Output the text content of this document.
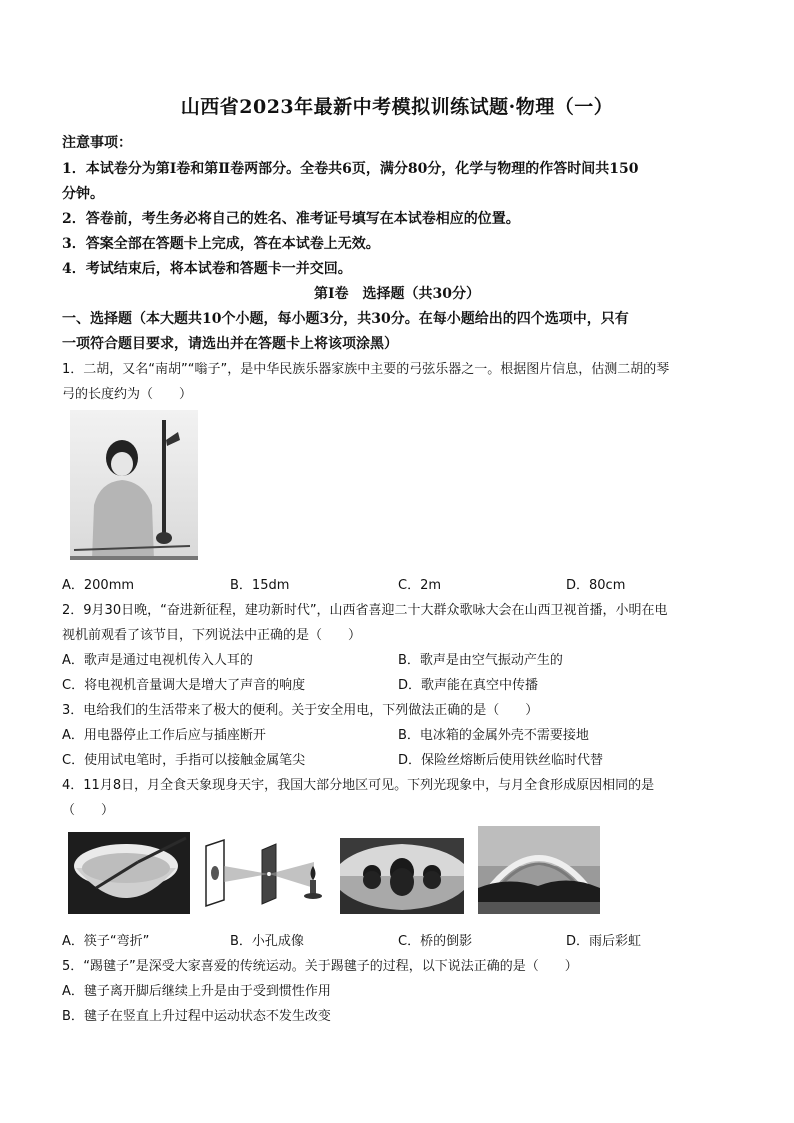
山西省2023年最新中考模拟训练试题·物理（一）
注意事项：
1．本试卷分为第Ⅰ卷和第Ⅱ卷两部分。全卷共6页，满分80分，化学与物理的作答时间共150
分钟。
2．答卷前，考生务必将自己的姓名、准考证号填写在本试卷相应的位置。
3．答案全部在答题卡上完成，答在本试卷上无效。
4．考试结束后，将本试卷和答题卡一并交回。
第Ⅰ卷　选择题（共30分）
一、选择题（本大题共10个小题，每小题3分，共30分。在每小题给出的四个选项中，只有
一项符合题目要求，请选出并在答题卡上将该项涂黑）
1．二胡，又名“南胡”“嗡子”，是中华民族乐器家族中主要的弓弦乐器之一。根据图片信息，估测二胡的琴
弓的长度约为（　　）
A．200mm	B．15dm	C．2m	D．80cm
2．9月30日晚，“奋进新征程，建功新时代”，山西省喜迎二十大群众歌咏大会在山西卫视首播，小明在电
视机前观看了该节目，下列说法中正确的是（　　）
A．歌声是通过电视机传入人耳的	B．歌声是由空气振动产生的
C．将电视机音量调大是增大了声音的响度	D．歌声能在真空中传播
3．电给我们的生活带来了极大的便利。关于安全用电，下列做法正确的是（　　）
A．用电器停止工作后应与插座断开	B．电冰箱的金属外壳不需要接地
C．使用试电笔时，手指可以接触金属笔尖	D．保险丝熔断后使用铁丝临时代替
4．11月8日，月全食天象现身天宇，我国大部分地区可见。下列光现象中，与月全食形成原因相同的是
（　　）
A．筷子“弯折”	B．小孔成像	C．桥的倒影	D．雨后彩虹
5．“踢毽子”是深受大家喜爱的传统运动。关于踢毽子的过程，以下说法正确的是（　　）
A．毽子离开脚后继续上升是由于受到惯性作用
B．毽子在竖直上升过程中运动状态不发生改变
